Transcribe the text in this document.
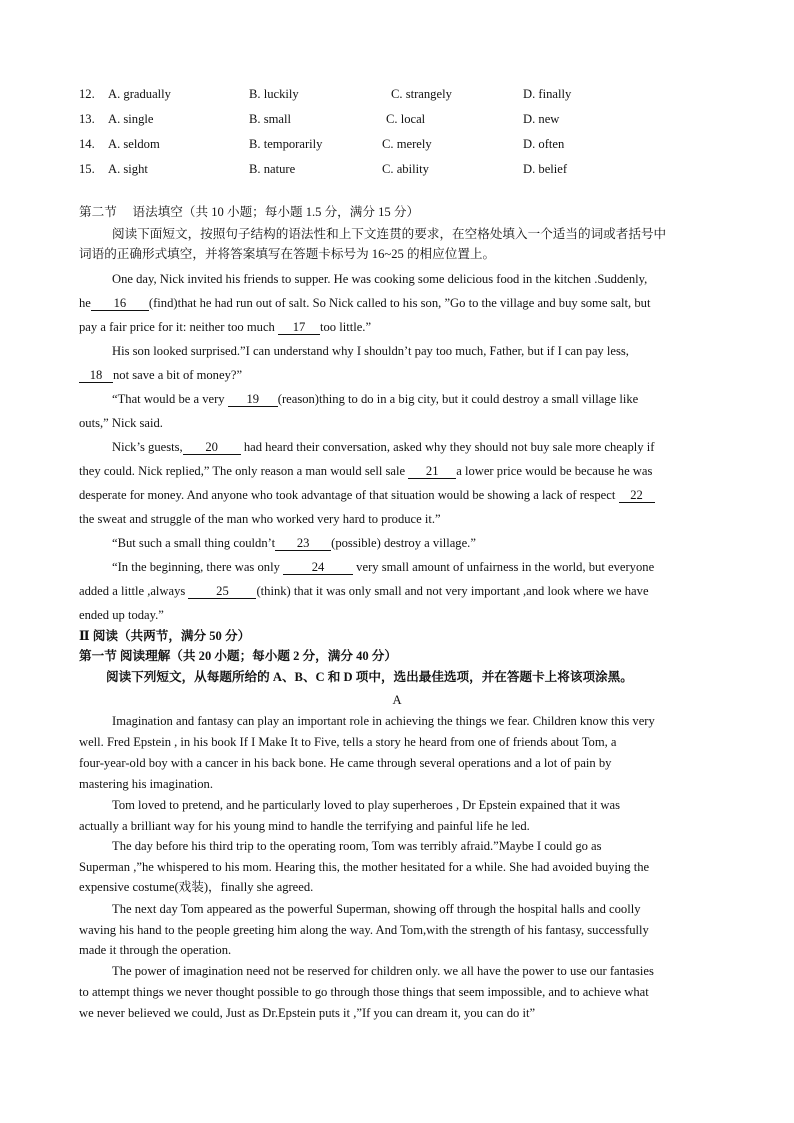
12. A. gradually	B. luckily	C. strangely	D. finally
13. A. single	B. small	C. local	D. new
14. A. seldom	B. temporarily	C. merely	D. often
15. A. sight	B. nature	C. ability	D. belief
第二节　 语法填空（共 10 小题；每小题 1.5 分，满分 15 分）
阅读下面短文，按照句子结构的语法性和上下文连贯的要求，在空格处填入一个适当的词或者括号中
词语的正确形式填空，并将答案填写在答题卡标号为 16~25 的相应位置上。
One day, Nick invited his friends to supper. He was cooking some delicious food in the kitchen .Suddenly,
he 16 (find)that he had run out of salt. So Nick called to his son, ”Go to the village and buy some salt, but
pay a fair price for it: neither too much 17 too little.”
His son looked surprised.”I can understand why I shouldn’t pay too much, Father, but if I can pay less,
18 not save a bit of money?”
“That would be a very 19 (reason)thing to do in a big city, but it could destroy a small village like
outs,” Nick said.
Nick’s guests, 20 had heard their conversation, asked why they should not buy sale more cheaply if
they could. Nick replied,” The only reason a man would sell sale 21 a lower price would be because he was
desperate for money. And anyone who took advantage of that situation would be showing a lack of respect 22
the sweat and struggle of the man who worked very hard to produce it.”
“But such a small thing couldn’t 23 (possible) destroy a village.”
“In the beginning, there was only 24 very small amount of unfairness in the world, but everyone
added a little ,always 25 (think) that it was only small and not very important ,and look where we have
ended up today.”
Ⅱ 阅读（共两节，满分 50 分）
第一节 阅读理解（共 20 小题；每小题 2 分，满分 40 分）
阅读下列短文，从每题所给的 A、B、C 和 D 项中，选出最佳选项，并在答题卡上将该项涂黑。
A
Imagination and fantasy can play an important role in achieving the things we fear. Children know this very
well. Fred Epstein , in his book If I Make It to Five, tells a story he heard from one of friends about Tom, a
four-year-old boy with a cancer in his back bone. He came through several operations and a lot of pain by
mastering his imagination.
Tom loved to pretend, and he particularly loved to play superheroes , Dr Epstein expained that it was
actually a brilliant way for his young mind to handle the terrifying and painful life he led.
The day before his third trip to the operating room, Tom was terribly afraid.”Maybe I could go as
Superman ,”he whispered to his mom. Hearing this, the mother hesitated for a while. She had avoided buying the
expensive costume(戏装)，finally she agreed.
The next day Tom appeared as the powerful Superman, showing off through the hospital halls and coolly
waving his hand to the people greeting him along the way. And Tom,with the strength of his fantasy, successfully
made it through the operation.
The power of imagination need not be reserved for children only. we all have the power to use our fantasies
to attempt things we never thought possible to go through those things that seem impossible, and to achieve what
we never believed we could, Just as Dr.Epstein puts it ,”If you can dream it, you can do it”
